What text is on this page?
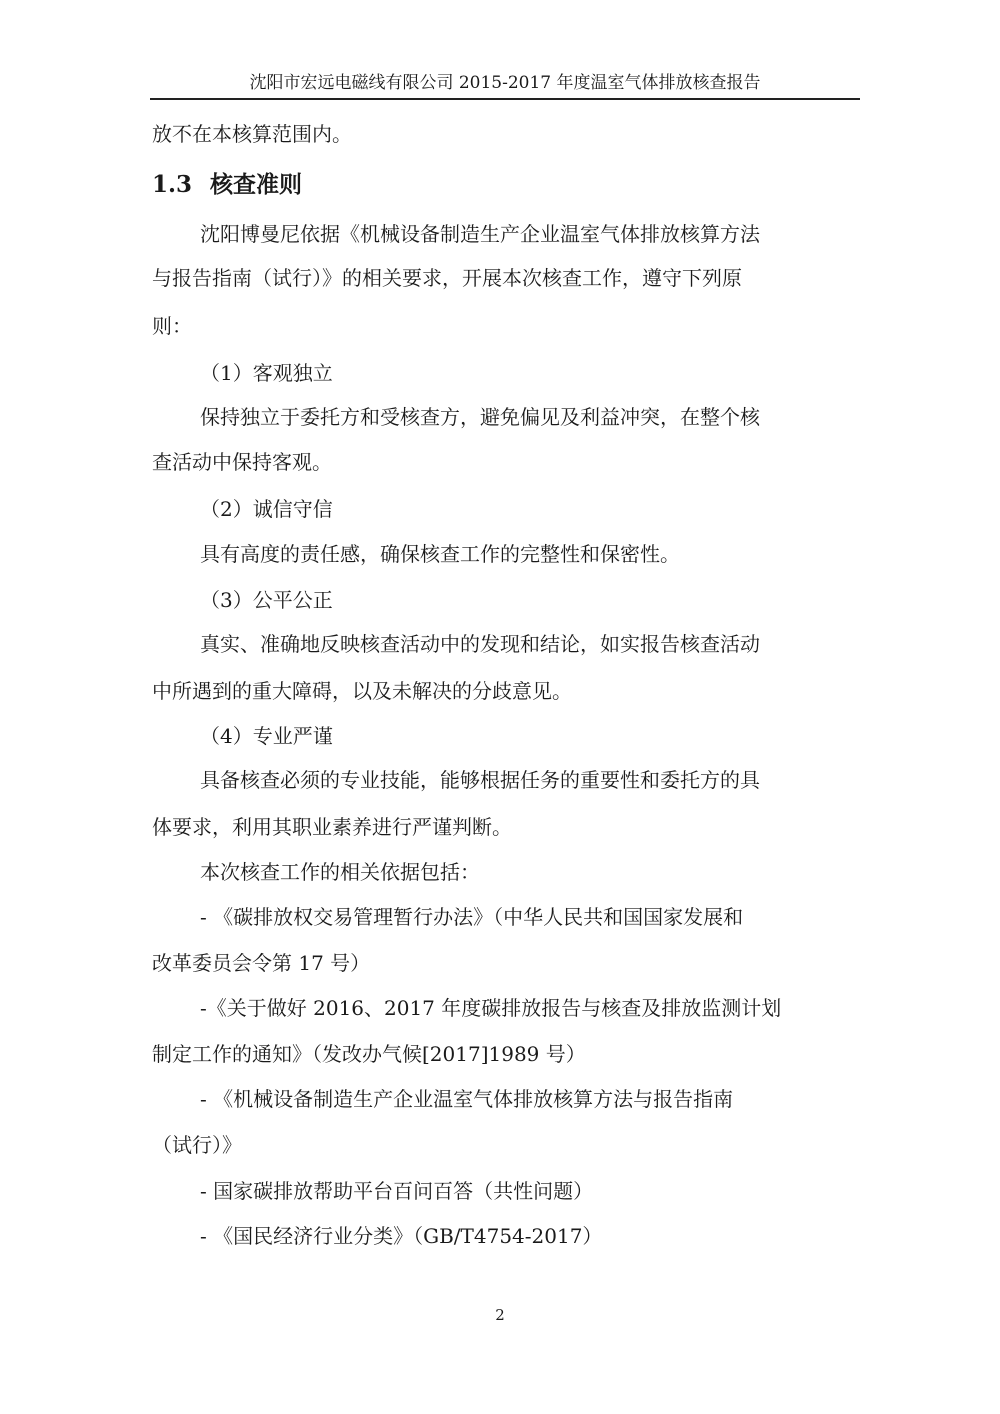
沈阳市宏远电磁线有限公司 2015-2017 年度温室气体排放核查报告
放不在本核算范围内。
1.3 核查准则
沈阳博曼尼依据《机械设备制造生产企业温室气体排放核算方法
与报告指南（试行）》的相关要求，开展本次核查工作，遵守下列原
则：
（1）客观独立
保持独立于委托方和受核查方，避免偏见及利益冲突，在整个核
查活动中保持客观。
（2）诚信守信
具有高度的责任感，确保核查工作的完整性和保密性。
（3）公平公正
真实、准确地反映核查活动中的发现和结论，如实报告核查活动
中所遇到的重大障碍，以及未解决的分歧意见。
（4）专业严谨
具备核查必须的专业技能，能够根据任务的重要性和委托方的具
体要求，利用其职业素养进行严谨判断。
本次核查工作的相关依据包括：
- 《碳排放权交易管理暂行办法》（中华人民共和国国家发展和
改革委员会令第 17 号）
-《关于做好 2016、2017 年度碳排放报告与核查及排放监测计划
制定工作的通知》（发改办气候[2017]1989 号）
- 《机械设备制造生产企业温室气体排放核算方法与报告指南
（试行）》
- 国家碳排放帮助平台百问百答（共性问题）
- 《国民经济行业分类》（GB/T4754-2017）
2
